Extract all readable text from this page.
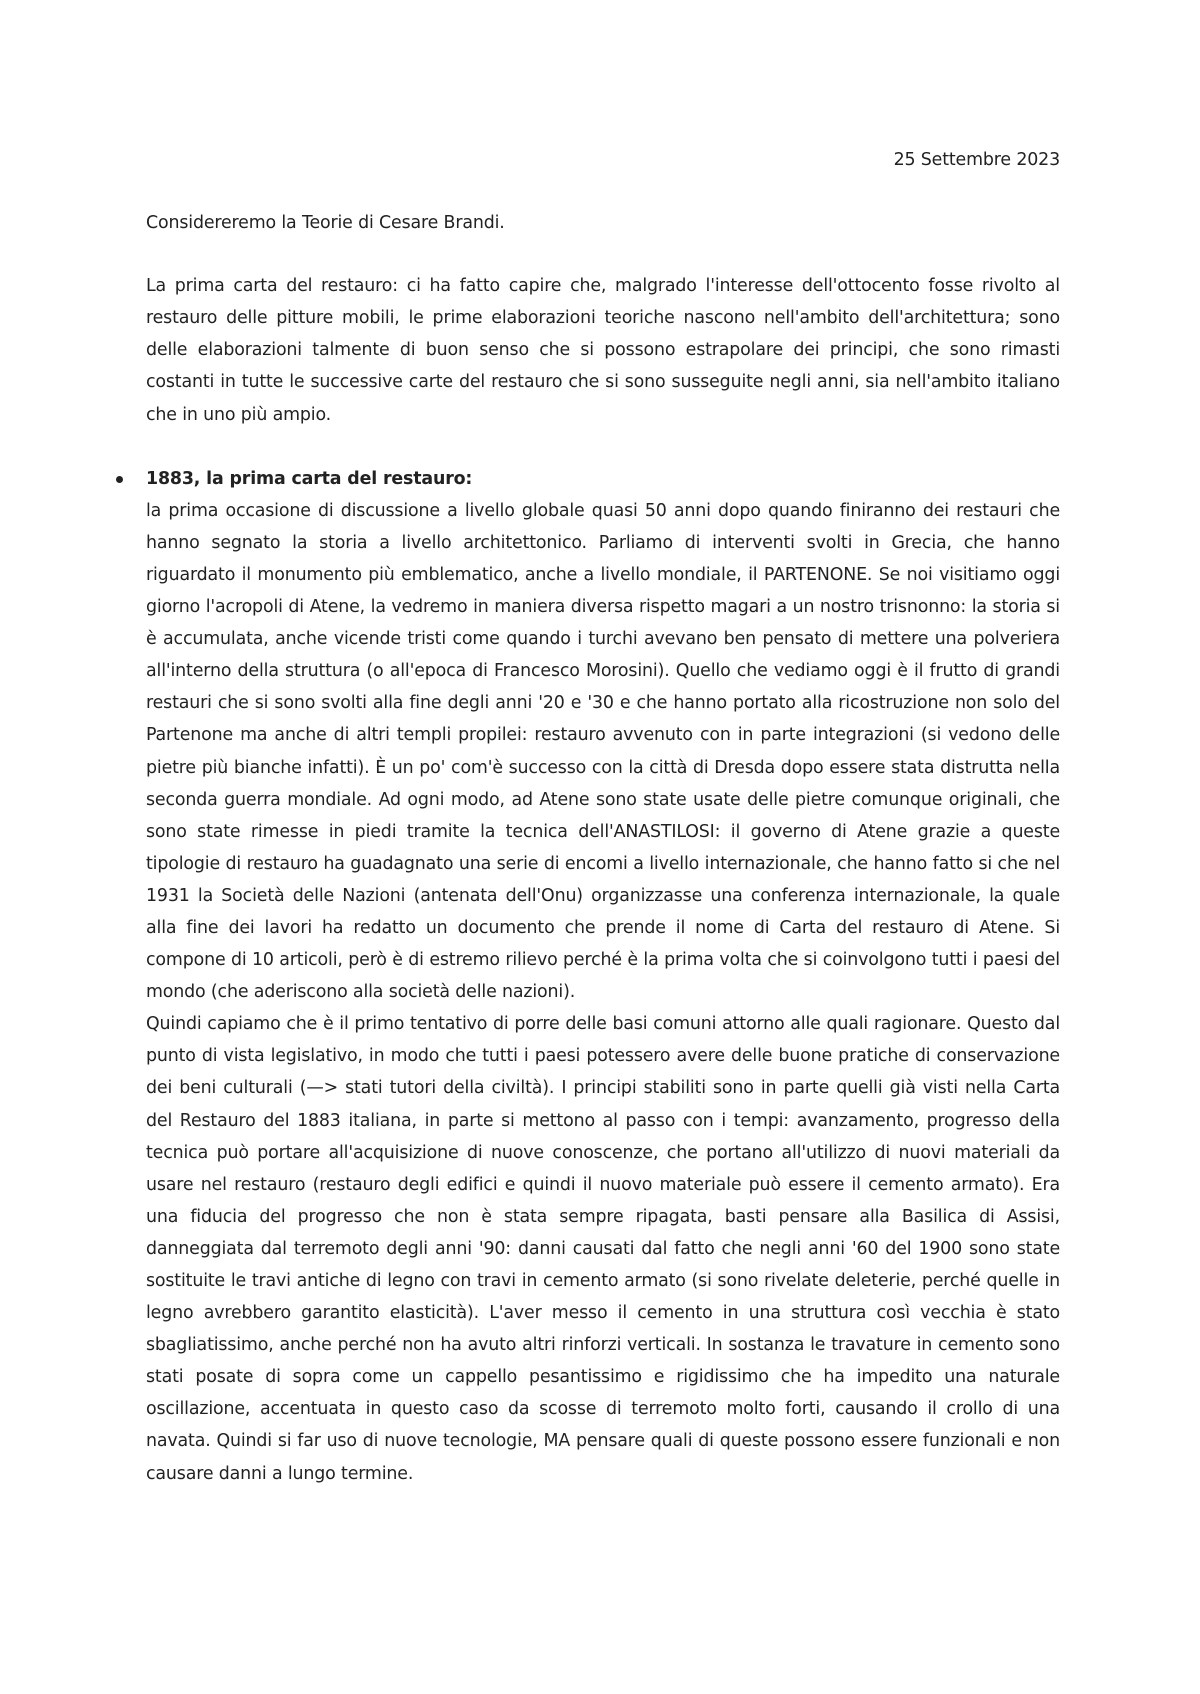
25 Settembre 2023

Considereremo la Teorie di Cesare Brandi.

La prima carta del restauro: ci ha fatto capire che, malgrado l'interesse dell'ottocento fosse rivolto al restauro delle pitture mobili, le prime elaborazioni teoriche nascono nell'ambito dell'architettura; sono delle elaborazioni talmente di buon senso che si possono estrapolare dei principi, che sono rimasti costanti in tutte le successive carte del restauro che si sono susseguite negli anni, sia nell'ambito italiano che in uno più ampio.

1883, la prima carta del restauro:

la prima occasione di discussione a livello globale quasi 50 anni dopo quando finiranno dei restauri che hanno segnato la storia a livello architettonico. Parliamo di interventi svolti in Grecia, che hanno riguardato il monumento più emblematico, anche a livello mondiale, il PARTENONE. Se noi visitiamo oggi giorno l'acropoli di Atene, la vedremo in maniera diversa rispetto magari a un nostro trisnonno: la storia si è accumulata, anche vicende tristi come quando i turchi avevano ben pensato di mettere una polveriera all'interno della struttura (o all'epoca di Francesco Morosini). Quello che vediamo oggi è il frutto di grandi restauri che si sono svolti alla fine degli anni '20 e '30 e che hanno portato alla ricostruzione non solo del Partenone ma anche di altri templi propilei: restauro avvenuto con in parte integrazioni (si vedono delle pietre più bianche infatti). È un po' com'è successo con la città di Dresda dopo essere stata distrutta nella seconda guerra mondiale. Ad ogni modo, ad Atene sono state usate delle pietre comunque originali, che sono state rimesse in piedi tramite la tecnica dell'ANASTILOSI: il governo di Atene grazie a queste tipologie di restauro ha guadagnato una serie di encomi a livello internazionale, che hanno fatto si che nel 1931 la Società delle Nazioni (antenata dell'Onu) organizzasse una conferenza internazionale, la quale alla fine dei lavori ha redatto un documento che prende il nome di Carta del restauro di Atene. Si compone di 10 articoli, però è di estremo rilievo perché è la prima volta che si coinvolgono tutti i paesi del mondo (che aderiscono alla società delle nazioni).

Quindi capiamo che è il primo tentativo di porre delle basi comuni attorno alle quali ragionare. Questo dal punto di vista legislativo, in modo che tutti i paesi potessero avere delle buone pratiche di conservazione dei beni culturali (—> stati tutori della civiltà). I principi stabiliti sono in parte quelli già visti nella Carta del Restauro del 1883 italiana, in parte si mettono al passo con i tempi: avanzamento, progresso della tecnica può portare all'acquisizione di nuove conoscenze, che portano all'utilizzo di nuovi materiali da usare nel restauro (restauro degli edifici e quindi il nuovo materiale può essere il cemento armato). Era una fiducia del progresso che non è stata sempre ripagata, basti pensare alla Basilica di Assisi, danneggiata dal terremoto degli anni '90: danni causati dal fatto che negli anni '60 del 1900 sono state sostituite le travi antiche di legno con travi in cemento armato (si sono rivelate deleterie, perché quelle in legno avrebbero garantito elasticità). L'aver messo il cemento in una struttura così vecchia è stato sbagliatissimo, anche perché non ha avuto altri rinforzi verticali. In sostanza le travature in cemento sono stati posate di sopra come un cappello pesantissimo e rigidissimo che ha impedito una naturale oscillazione, accentuata in questo caso da scosse di terremoto molto forti, causando il crollo di una navata. Quindi si far uso di nuove tecnologie, MA pensare quali di queste possono essere funzionali e non causare danni a lungo termine.
